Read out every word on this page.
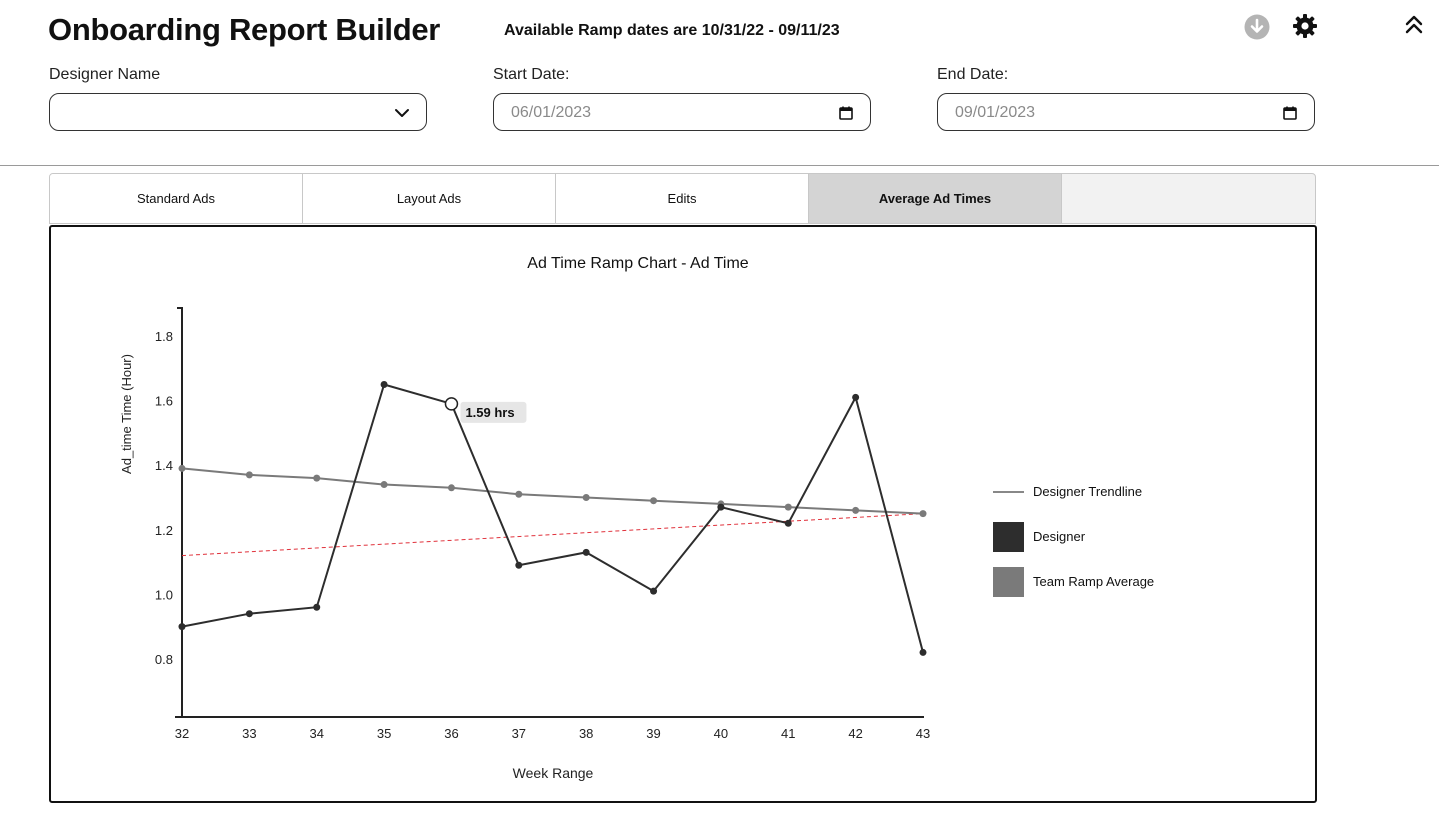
Onboarding Report Builder	Available Ramp dates are 10/31/22 - 09/11/23
Designer Name	Start Date:
06/01/2023
End Date:
09/01/2023
Standard Ads	Layout Ads	Edits	Average Ad Times
Ad Time Ramp Chart - Ad Time
Ad_time Time (Hour)
Week Range
0.8
1.0
1.2
1.4
1.6
1.8
32	33	34	35	36	37	38	39	40	41	42	43
1.59 hrs
Designer Trendline
Designer
Team Ramp Average
